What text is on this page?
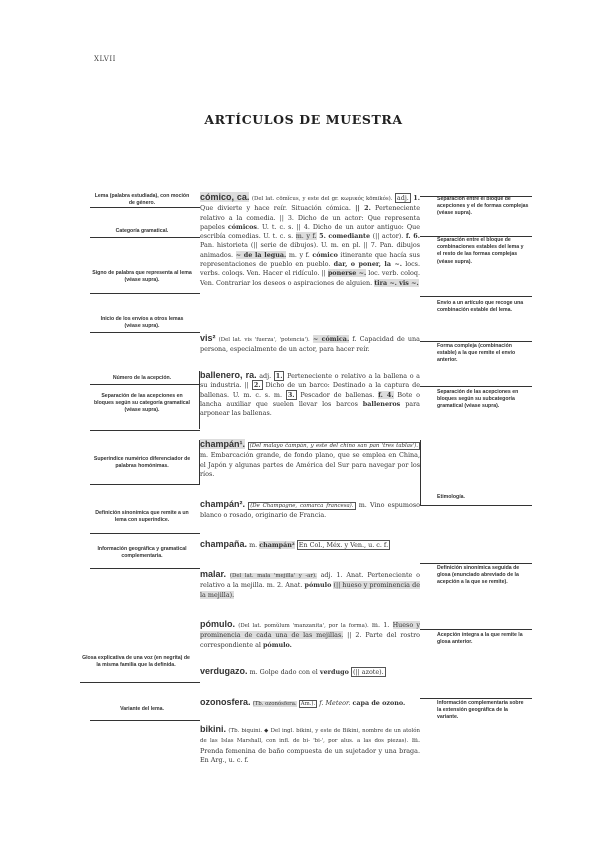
XLVII
ARTÍCULOS DE MUESTRA
cómico, ca. (Del lat. cōmĭcus, y este del gr. κωμικός kōmikós). adj. 1. Que divierte y hace reír. Situación cómica. || 2. Perteneciente relativo a la comedia. || 3. Dicho de un actor: Que representa papeles cómicos. U. t. c. s. || 4. Dicho de un autor antiguo: Que escribía comedias. U. t. c. s. m. y f. 5. comediante (|| actor). f. 6. Pan. historieta (|| serie de dibujos). U. m. en pl. || 7. Pan. dibujos animados. ~ de la legua. m. y f. cómico itinerante que hacía sus representaciones de pueblo en pueblo. dar, o poner, la ~. locs. verbs. coloqs. Ven. Hacer el ridículo. || ponerse ~. loc. verb. coloq. Ven. Contrariar los deseos o aspiraciones de alguien. tira ~. vis ~.
vis² (Del lat. vis 'fuerza', 'potencia'). ~ cómica. f. Capacidad de una persona, especialmente de un actor, para hacer reír.
ballenero, ra. adj. 1. Perteneciente o relativo a la ballena o a su industria. || 2. Dicho de un barco: Destinado a la captura de ballenas. U. m. c. s. m. 3. Pescador de ballenas. f. 4. Bote o lancha auxiliar que suelen llevar los barcos balleneros para arponear las ballenas.
champán¹. (Del malayo čampán, y este del chino san pan 'tres tablas'). m. Embarcación grande, de fondo plano, que se emplea en China, el Japón y algunas partes de América del Sur para navegar por los ríos.
champán². (De Champagne, comarca francesa). m. Vino espumoso blanco o rosado, originario de Francia.
champaña. m. champán² En Col., Méx. y Ven., u. c. f.
malar. (Del lat. mala 'mejilla' y -ar). adj. 1. Anat. Perteneciente o relativo a la mejilla. m. 2. Anat. pómulo (|| hueso y prominencia de la mejilla).
pómulo. (Del lat. pomŭlum 'manzanita', por la forma). m. 1. Hueso y prominencia de cada una de las mejillas. || 2. Parte del rostro correspondiente al pómulo.
verdugazo. m. Golpe dado con el verdugo (|| azote).
ozonosfera. (Tb. ozonósfera. Am.). f. Meteor. capa de ozono.
bikini. (Tb. biquini. ◆ Del ingl. bikini, y este de Bikini, nombre de un atolón de las Islas Marshall, con infl. de bi- 'bi-', por alus. a las dos piezas). m. Prenda femenina de baño compuesta de un sujetador y una braga. En Arg., u. c. f.
Lema (palabra estudiada), con moción de género.
Categoría gramatical.
Signo de palabra que representa al lema (véase supra).
Inicio de los envíos a otros lemas (véase supra).
Número de la acepción.
Separación de las acepciones en bloques según su categoría gramatical (véase supra).
Superíndice numérico diferenciador de palabras homónimas.
Definición sinonímica que remite a un lema con superíndice.
Información geográfica y gramatical complementaria.
Glosa explicativa de una voz (en negrita) de la misma familia que la definida.
Variante del lema.
Separación entre el bloque de acepciones y el de formas complejas (véase supra).
Separación entre el bloque de combinaciones estables del lema y el resto de las formas complejas (véase supra).
Envío a un artículo que recoge una combinación estable del lema.
Forma compleja (combinación estable) a la que remite el envío anterior.
Separación de las acepciones en bloques según su subcategoría gramatical (véase supra).
Etimología.
Definición sinonímica seguida de glosa (enunciado abreviado de la acepción a la que se remite).
Acepción íntegra a la que remite la glosa anterior.
Información complementaria sobre la extensión geográfica de la variante.
